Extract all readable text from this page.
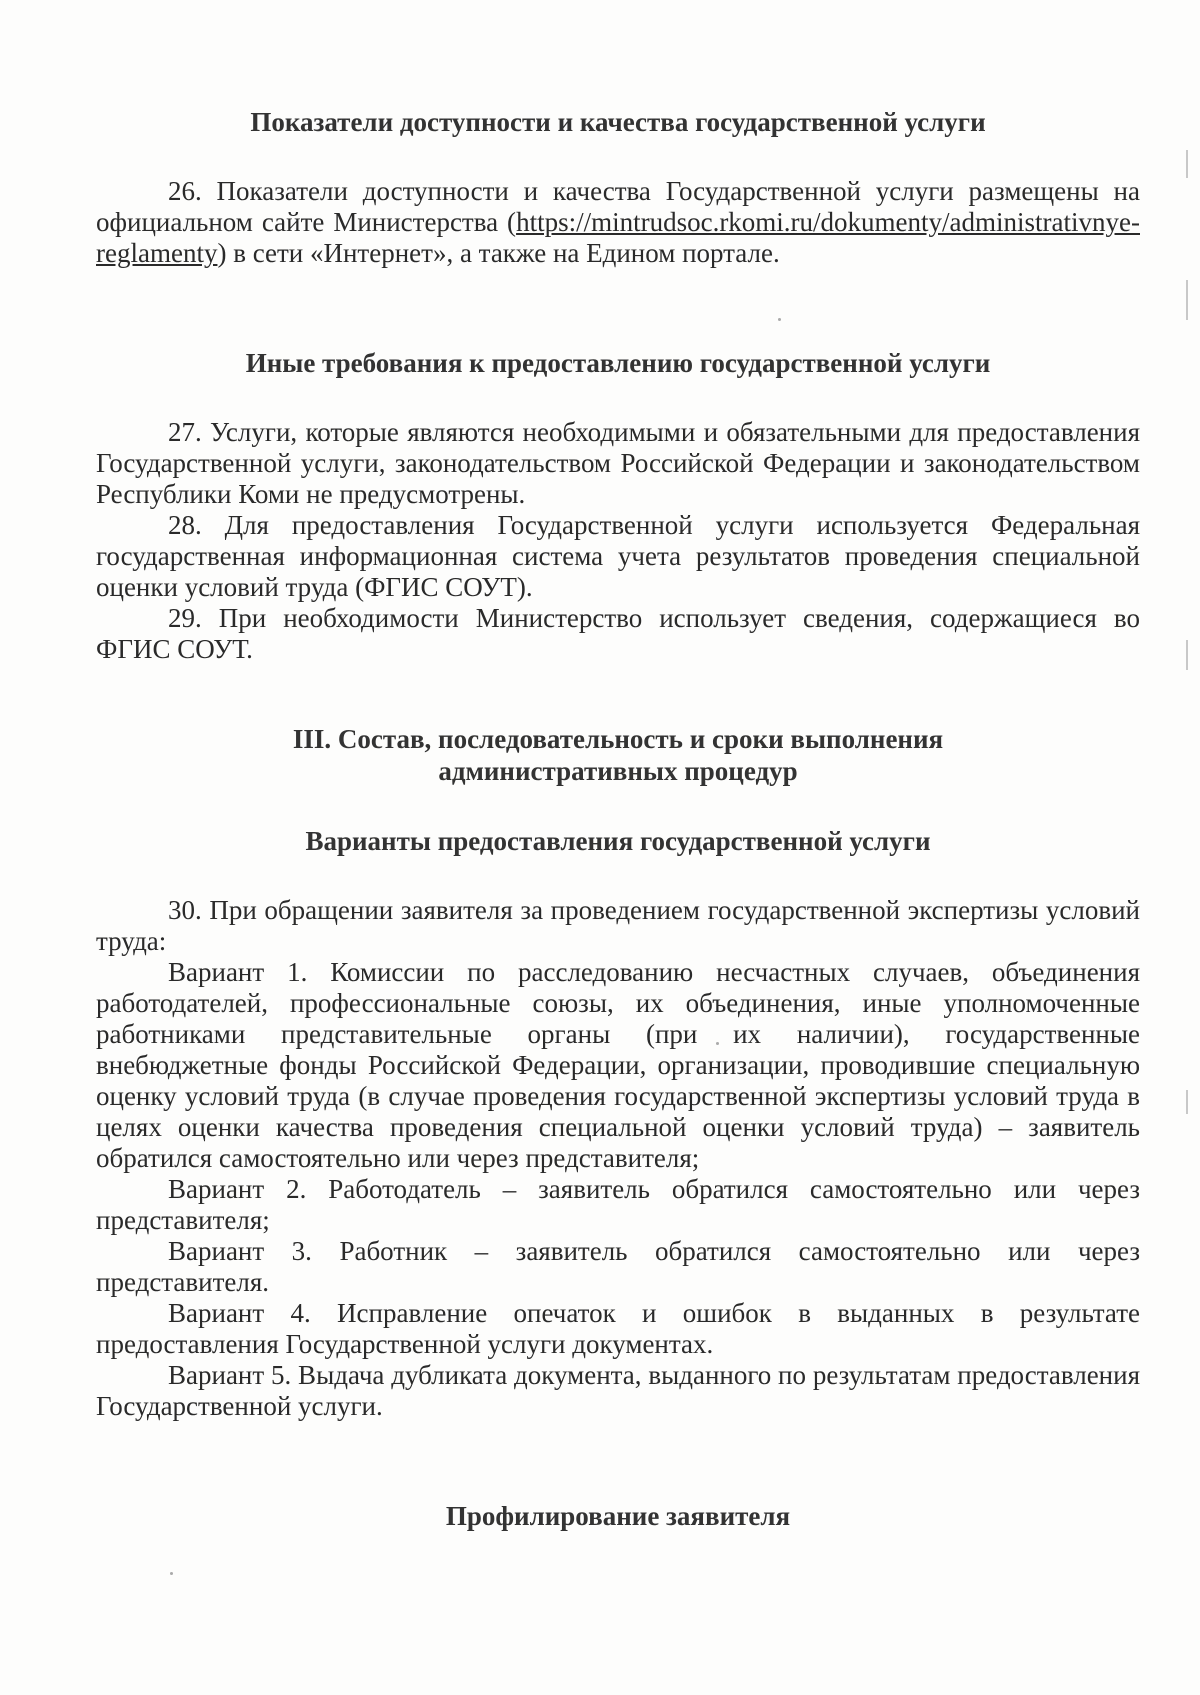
Показатели доступности и качества государственной услуги

26. Показатели доступности и качества Государственной услуги размещены на официальном сайте Министерства (https://mintrudsoc.rkomi.ru/dokumenty/administrativnye-reglamenty) в сети «Интернет», а также на Едином портале.

Иные требования к предоставлению государственной услуги

27. Услуги, которые являются необходимыми и обязательными для предоставления Государственной услуги, законодательством Российской Федерации и законодательством Республики Коми не предусмотрены.

28. Для предоставления Государственной услуги используется Федеральная государственная информационная система учета результатов проведения специальной оценки условий труда (ФГИС СОУТ).

29. При необходимости Министерство использует сведения, содержащиеся во ФГИС СОУТ.

III. Состав, последовательность и сроки выполнения
административных процедур
Варианты предоставления государственной услуги

30. При обращении заявителя за проведением государственной экспертизы условий труда:

Вариант 1. Комиссии по расследованию несчастных случаев, объединения работодателей, профессиональные союзы, их объединения, иные уполномоченные работниками представительные органы (при их наличии), государственные внебюджетные фонды Российской Федерации, организации, проводившие специальную оценку условий труда (в случае проведения государственной экспертизы условий труда в целях оценки качества проведения специальной оценки условий труда) – заявитель обратился самостоятельно или через представителя;

Вариант 2. Работодатель – заявитель обратился самостоятельно или через представителя;

Вариант 3. Работник – заявитель обратился самостоятельно или через представителя.

Вариант 4. Исправление опечаток и ошибок в выданных в результате предоставления Государственной услуги документах.

Вариант 5. Выдача дубликата документа, выданного по результатам предоставления Государственной услуги.

Профилирование заявителя
